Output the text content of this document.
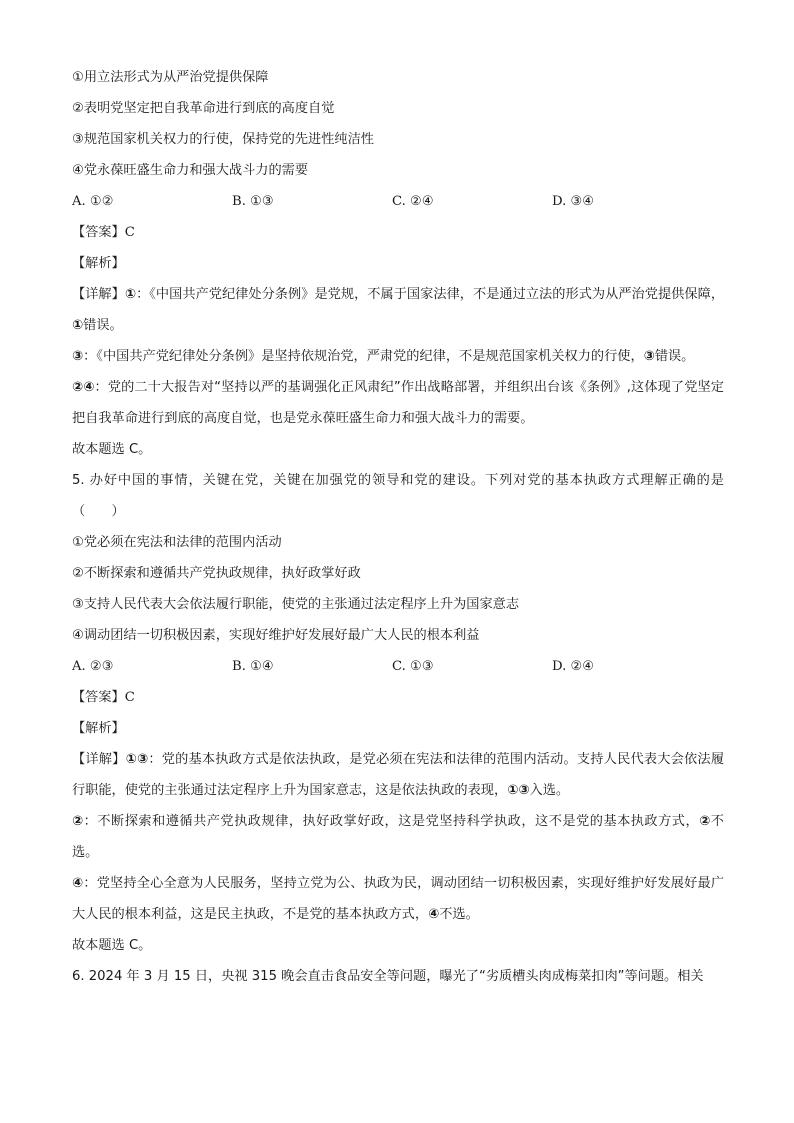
①用立法形式为从严治党提供保障
②表明党坚定把自我革命进行到底的高度自觉
③规范国家机关权力的行使，保持党的先进性纯洁性
④党永葆旺盛生命力和强大战斗力的需要
A. ①②	B. ①③	C. ②④	D. ③④
【答案】C
【解析】
【详解】①：《中国共产党纪律处分条例》是党规，不属于国家法律，不是通过立法的形式为从严治党提供保障，①错误。
③：《中国共产党纪律处分条例》是坚持依规治党，严肃党的纪律，不是规范国家机关权力的行使，③错误。
②④：党的二十大报告对“坚持以严的基调强化正风肃纪”作出战略部署，并组织出台该《条例》,这体现了党坚定把自我革命进行到底的高度自觉，也是党永葆旺盛生命力和强大战斗力的需要。
故本题选 C。
5. 办好中国的事情，关键在党，关键在加强党的领导和党的建设。下列对党的基本执政方式理解正确的是（　　）
①党必须在宪法和法律的范围内活动
②不断探索和遵循共产党执政规律，执好政掌好政
③支持人民代表大会依法履行职能，使党的主张通过法定程序上升为国家意志
④调动团结一切积极因素，实现好维护好发展好最广大人民的根本利益
A. ②③	B. ①④	C. ①③	D. ②④
【答案】C
【解析】
【详解】①③：党的基本执政方式是依法执政，是党必须在宪法和法律的范围内活动。支持人民代表大会依法履行职能，使党的主张通过法定程序上升为国家意志，这是依法执政的表现，①③入选。
②：不断探索和遵循共产党执政规律，执好政掌好政，这是党坚持科学执政，这不是党的基本执政方式，②不选。
④：党坚持全心全意为人民服务，坚持立党为公、执政为民，调动团结一切积极因素，实现好维护好发展好最广大人民的根本利益，这是民主执政，不是党的基本执政方式，④不选。
故本题选 C。
6. 2024 年 3 月 15 日，央视 315 晚会直击食品安全等问题，曝光了“劣质槽头肉成梅菜扣肉”等问题。相关
